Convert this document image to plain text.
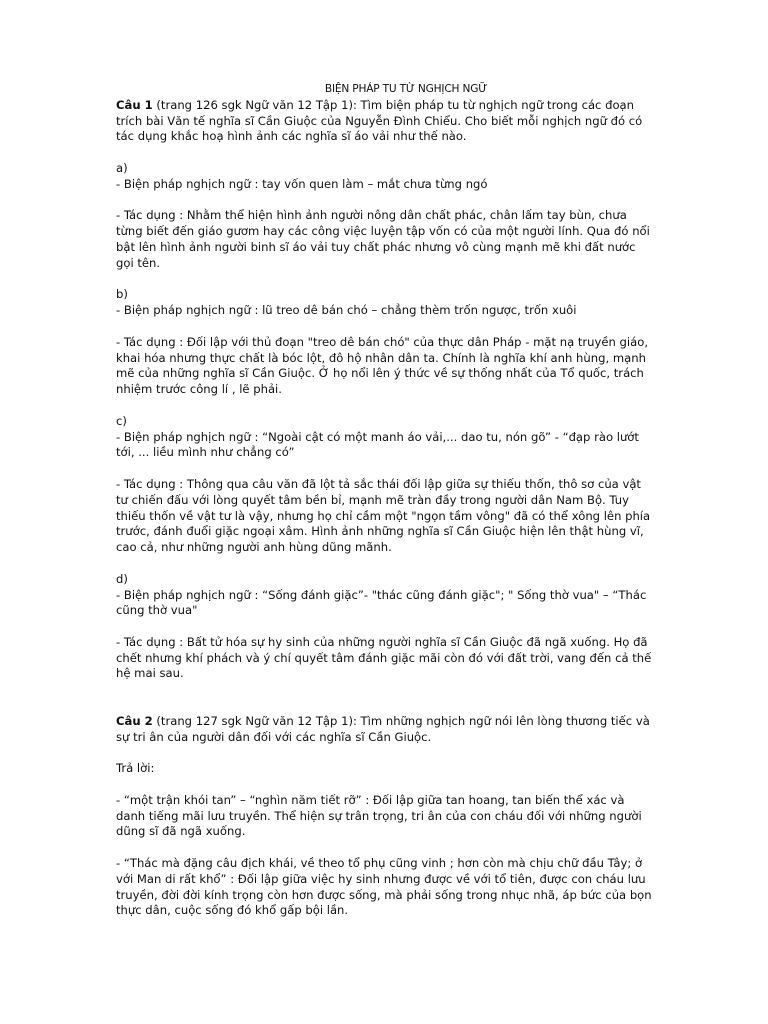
BIỆN PHÁP TU TỪ NGHỊCH NGỮ

Câu 1 (trang 126 sgk Ngữ văn 12 Tập 1): Tìm biện pháp tu từ nghịch ngữ trong các đoạn trích bài Văn tế nghĩa sĩ Cần Giuộc của Nguyễn Đình Chiểu. Cho biết mỗi nghịch ngữ đó có tác dụng khắc hoạ hình ảnh các nghĩa sĩ áo vải như thế nào.

a)

- Biện pháp nghịch ngữ : tay vốn quen làm – mắt chưa từng ngó

- Tác dụng : Nhằm thể hiện hình ảnh người nông dân chất phác, chân lấm tay bùn, chưa từng biết đến giáo gươm hay các công việc luyện tập vốn có của một người lính. Qua đó nổi bật lên hình ảnh người binh sĩ áo vải tuy chất phác nhưng vô cùng mạnh mẽ khi đất nước gọi tên.

b)

- Biện pháp nghịch ngữ : lũ treo dê bán chó – chẳng thèm trốn ngược, trốn xuôi

- Tác dụng : Đối lập với thủ đoạn "treo dê bán chó" của thực dân Pháp - mặt nạ truyền giáo, khai hóa nhưng thực chất là bóc lột, đô hộ nhân dân ta. Chính là nghĩa khí anh hùng, mạnh mẽ của những nghĩa sĩ Cần Giuộc. Ở họ nổi lên ý thức về sự thống nhất của Tổ quốc, trách nhiệm trước công lí , lẽ phải.

c)

- Biện pháp nghịch ngữ : “Ngoài cật có một manh áo vải,... dao tu, nón gõ” - “đạp rào lướt tới, ... liều mình như chẳng có”

- Tác dụng : Thông qua câu văn đã lột tả sắc thái đối lập giữa sự thiếu thốn, thô sơ của vật tư chiến đấu với lòng quyết tâm bền bỉ, mạnh mẽ tràn đầy trong người dân Nam Bộ. Tuy thiếu thốn về vật tư là vậy, nhưng họ chỉ cầm một "ngọn tầm vông" đã có thể xông lên phía trước, đánh đuổi giặc ngoại xâm. Hình ảnh những nghĩa sĩ Cần Giuộc hiện lên thật hùng vĩ, cao cả, như những người anh hùng dũng mãnh.

d)

- Biện pháp nghịch ngữ : “Sống đánh giặc”- "thác cũng đánh giặc"; " Sống thờ vua" – “Thác cũng thờ vua"

- Tác dụng : Bất tử hóa sự hy sinh của những người nghĩa sĩ Cần Giuộc đã ngã xuống. Họ đã chết nhưng khí phách và ý chí quyết tâm đánh giặc mãi còn đó với đất trời, vang đến cả thế hệ mai sau.

Câu 2 (trang 127 sgk Ngữ văn 12 Tập 1): Tìm những nghịch ngữ nói lên lòng thương tiếc và sự tri ân của người dân đối với các nghĩa sĩ Cần Giuộc.

Trả lời:

- “một trận khói tan” – “nghìn năm tiết rỡ” : Đối lập giữa tan hoang, tan biến thể xác và danh tiếng mãi lưu truyền. Thể hiện sự trân trọng, tri ân của con cháu đối với những người dũng sĩ đã ngã xuống.

- “Thác mà đặng câu địch khái, về theo tổ phụ cũng vinh ; hơn còn mà chịu chữ đầu Tây; ở với Man di rất khổ” : Đối lập giữa việc hy sinh nhưng được về với tổ tiên, được con cháu lưu truyền, đời đời kính trọng còn hơn được sống, mà phải sống trong nhục nhã, áp bức của bọn thực dân, cuộc sống đó khổ gấp bội lần.
